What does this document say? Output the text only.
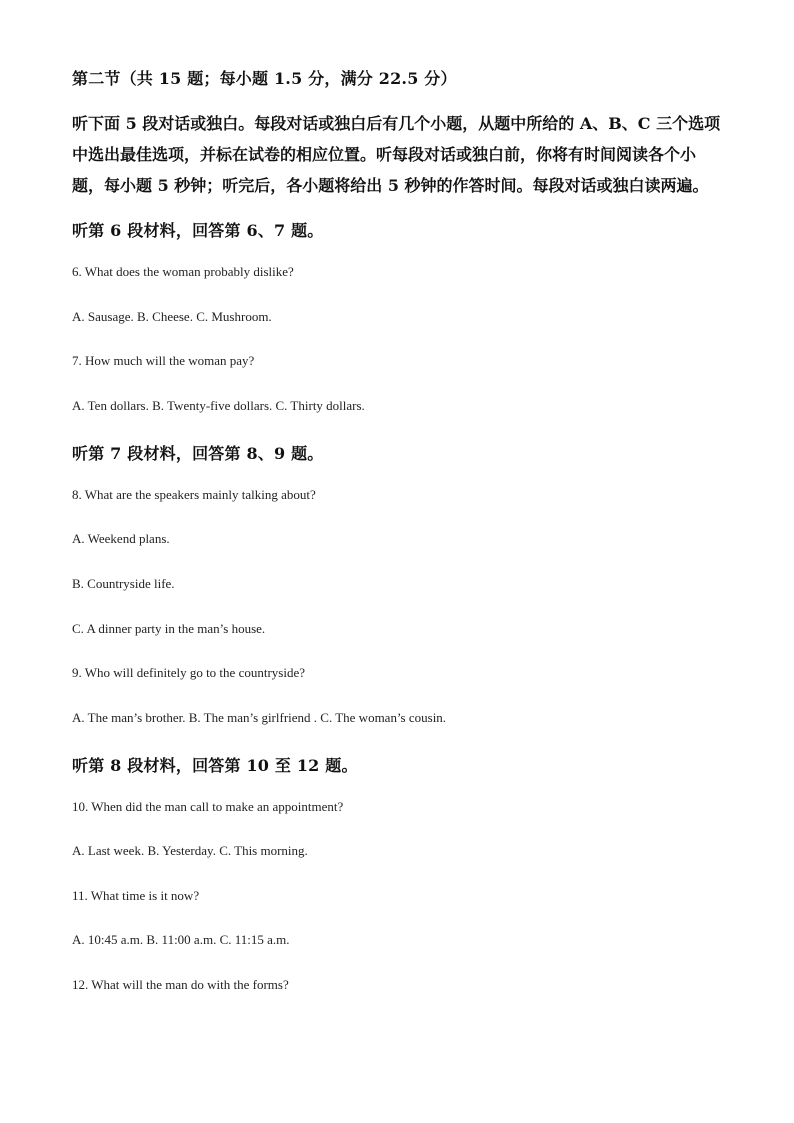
第二节（共 15 题；每小题 1.5 分，满分 22.5 分）
听下面 5 段对话或独白。每段对话或独白后有几个小题，从题中所给的 A、B、C 三个选项
中选出最佳选项，并标在试卷的相应位置。听每段对话或独白前，你将有时间阅读各个小
题，每小题 5 秒钟；听完后，各小题将给出 5 秒钟的作答时间。每段对话或独白读两遍。
听第 6 段材料，回答第 6、7 题。
6. What does the woman probably dislike?
A. Sausage. B. Cheese. C. Mushroom.
7. How much will the woman pay?
A. Ten dollars. B. Twenty-five dollars. C. Thirty dollars.
听第 7 段材料，回答第 8、9 题。
8. What are the speakers mainly talking about?
A. Weekend plans.
B. Countryside life.
C. A dinner party in the man’s house.
9. Who will definitely go to the countryside?
A. The man’s brother. B. The man’s girlfriend . C. The woman’s cousin.
听第 8 段材料，回答第 10 至 12 题。
10. When did the man call to make an appointment?
A. Last week. B. Yesterday. C. This morning.
11. What time is it now?
A. 10:45 a.m. B. 11:00 a.m. C. 11:15 a.m.
12. What will the man do with the forms?
